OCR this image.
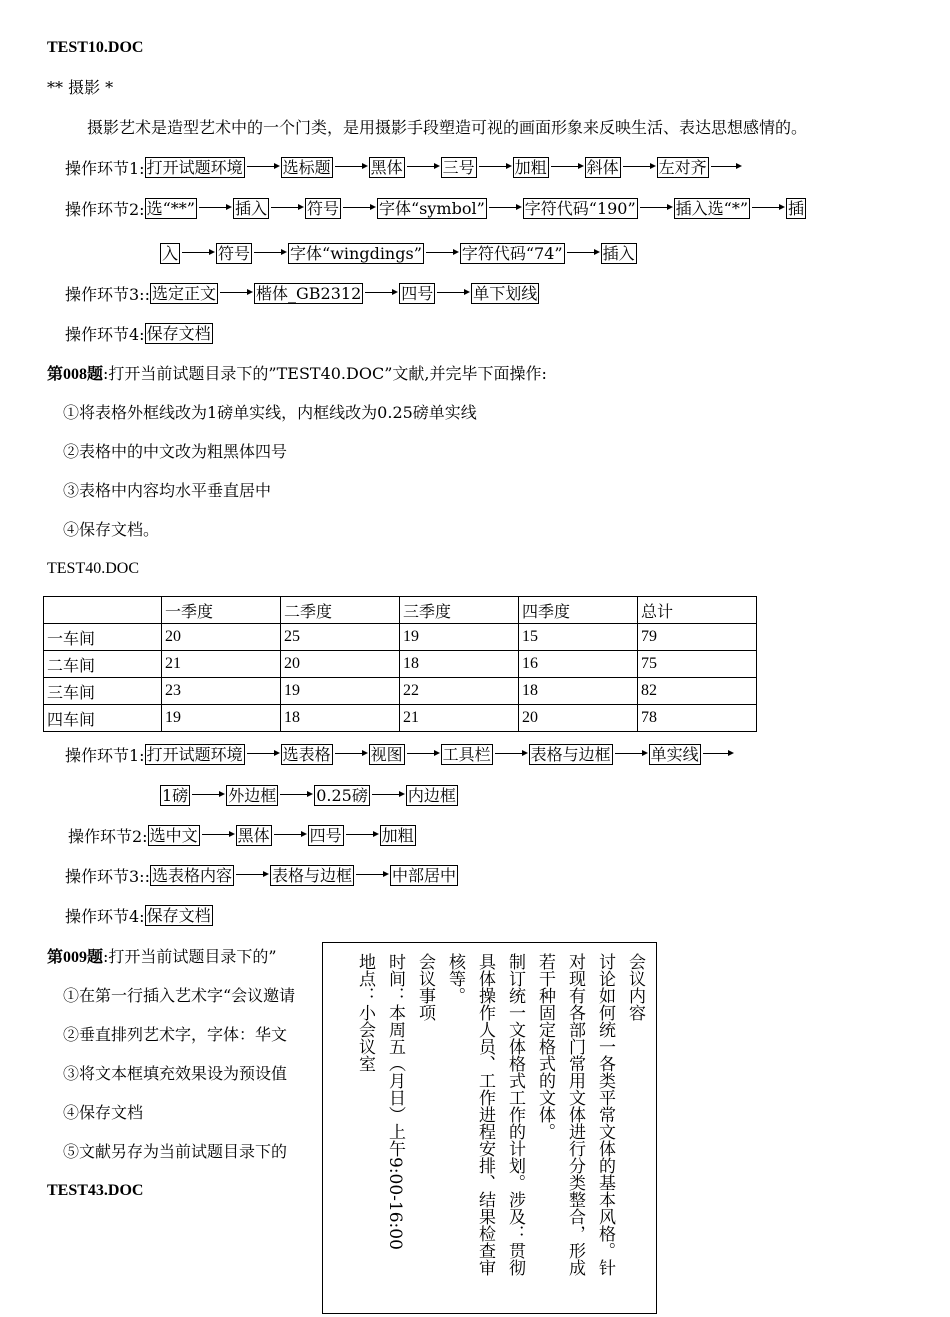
TEST10.DOC
** 摄影 *
摄影艺术是造型艺术中的一个门类，是用摄影手段塑造可视的画面形象来反映生活、表达思想感情的。
操作环节1: 打开试题环境	选标题	黑体	三号	加粗	斜体	左对齐
操作环节2: 选“**”	插入	符号	字体“symbol”	字符代码“190”	插入选“*”	插
入	符号	字体“wingdings”	字符代码“74”	插入
操作环节3:: 选定正文	楷体_GB2312	四号	单下划线
操作环节4: 保存文档
第008题:打开当前试题目录下的”TEST40.DOC”文献,并完毕下面操作:
①将表格外框线改为1磅单实线，内框线改为0.25磅单实线
②表格中的中文改为粗黑体四号
③表格中内容均水平垂直居中
④保存文档。
TEST40.DOC
	一季度	二季度	三季度	四季度	总计
一车间	20	25	19	15	79
二车间	21	20	18	16	75
三车间	23	19	22	18	82
四车间	19	18	21	20	78
操作环节1: 打开试题环境	选表格	视图	工具栏	表格与边框	单实线
1磅	外边框	0.25磅	内边框
操作环节2: 选中文	黑体	四号	加粗
操作环节3:: 选表格内容	表格与边框	中部居中
操作环节4: 保存文档
第009题:打开当前试题目录下的”
①在第一行插入艺术字“会议邀请
②垂直排列艺术字，字体：华文
③将文本框填充效果设为预设值
④保存文档
⑤文献另存为当前试题目录下的
TEST43.DOC
会议内容
讨论如何统一各类平常文体的基本风格。针
对现有各部门常用文体进行分类整合，形成
若干种固定格式的文体。
制订统一文体格式工作的计划。涉及：贯彻
具体操作人员、工作进程安排、结果检查审
核等。
会议事项
时间：本周五（月日）上午9:00-16:00
地点：小会议室
